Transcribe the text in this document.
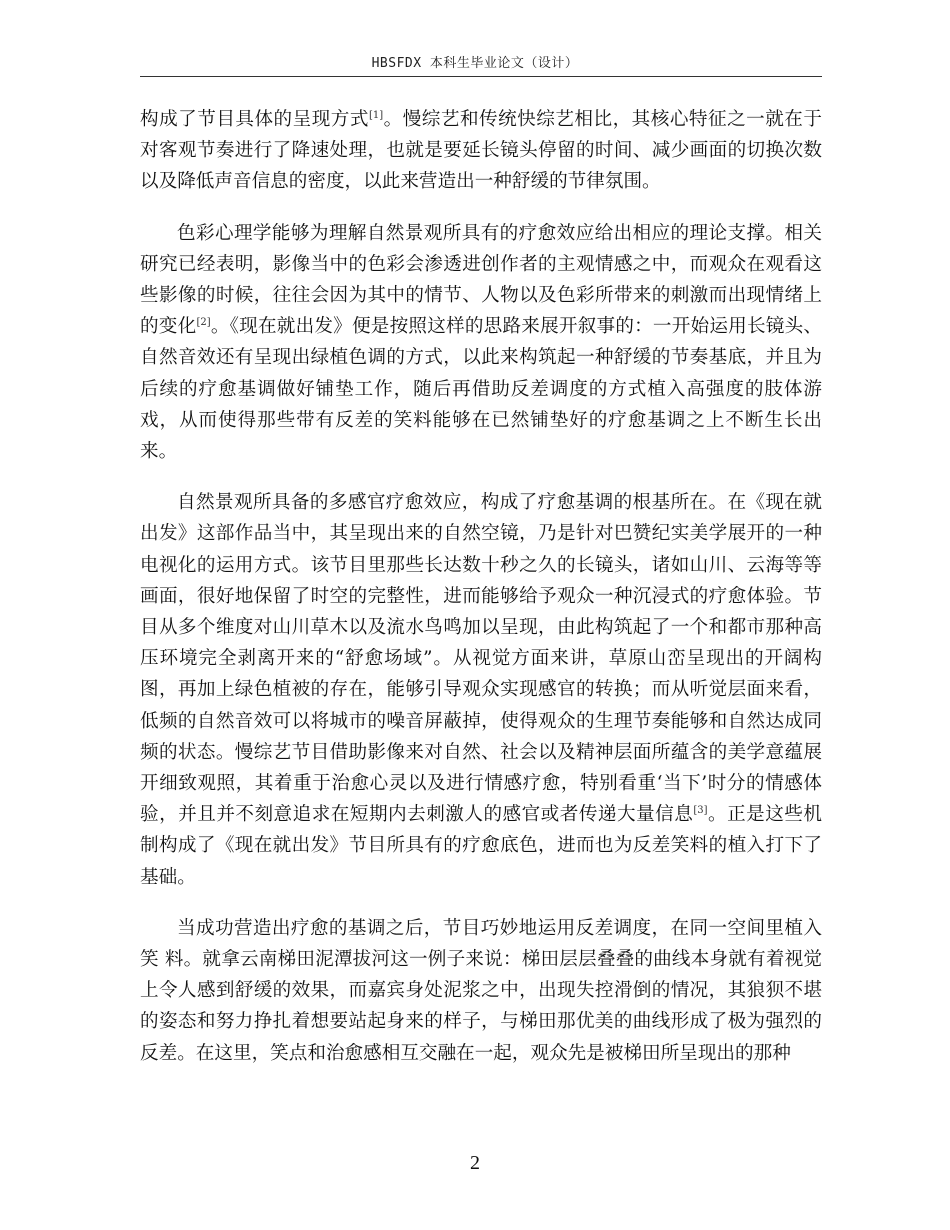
HBSFDX 本科生毕业论文（设计）

构成了节目具体的呈现方式[1]。慢综艺和传统快综艺相比，其核心特征之一就在于对客观节奏进行了降速处理，也就是要延长镜头停留的时间、减少画面的切换次数以及降低声音信息的密度，以此来营造出一种舒缓的节律氛围。

色彩心理学能够为理解自然景观所具有的疗愈效应给出相应的理论支撑。相关研究已经表明，影像当中的色彩会渗透进创作者的主观情感之中，而观众在观看这些影像的时候，往往会因为其中的情节、人物以及色彩所带来的刺激而出现情绪上的变化[2]。《现在就出发》便是按照这样的思路来展开叙事的：一开始运用长镜头、自然音效还有呈现出绿植色调的方式，以此来构筑起一种舒缓的节奏基底，并且为后续的疗愈基调做好铺垫工作，随后再借助反差调度的方式植入高强度的肢体游戏，从而使得那些带有反差的笑料能够在已然铺垫好的疗愈基调之上不断生长出来。

自然景观所具备的多感官疗愈效应，构成了疗愈基调的根基所在。在《现在就出发》这部作品当中，其呈现出来的自然空镜，乃是针对巴赞纪实美学展开的一种电视化的运用方式。该节目里那些长达数十秒之久的长镜头，诸如山川、云海等等画面，很好地保留了时空的完整性，进而能够给予观众一种沉浸式的疗愈体验。节目从多个维度对山川草木以及流水鸟鸣加以呈现，由此构筑起了一个和都市那种高压环境完全剥离开来的“舒愈场域”。从视觉方面来讲，草原山峦呈现出的开阔构图，再加上绿色植被的存在，能够引导观众实现感官的转换；而从听觉层面来看，低频的自然音效可以将城市的噪音屏蔽掉，使得观众的生理节奏能够和自然达成同频的状态。慢综艺节目借助影像来对自然、社会以及精神层面所蕴含的美学意蕴展开细致观照，其着重于治愈心灵以及进行情感疗愈，特别看重‘当下’时分的情感体验，并且并不刻意追求在短期内去刺激人的感官或者传递大量信息[3]。正是这些机制构成了《现在就出发》节目所具有的疗愈底色，进而也为反差笑料的植入打下了基础。

当成功营造出疗愈的基调之后，节目巧妙地运用反差调度，在同一空间里植入笑 料。就拿云南梯田泥潭拔河这一例子来说：梯田层层叠叠的曲线本身就有着视觉上令人感到舒缓的效果，而嘉宾身处泥浆之中，出现失控滑倒的情况，其狼狈不堪的姿态和努力挣扎着想要站起身来的样子，与梯田那优美的曲线形成了极为强烈的反差。在这里，笑点和治愈感相互交融在一起，观众先是被梯田所呈现出的那种

2
